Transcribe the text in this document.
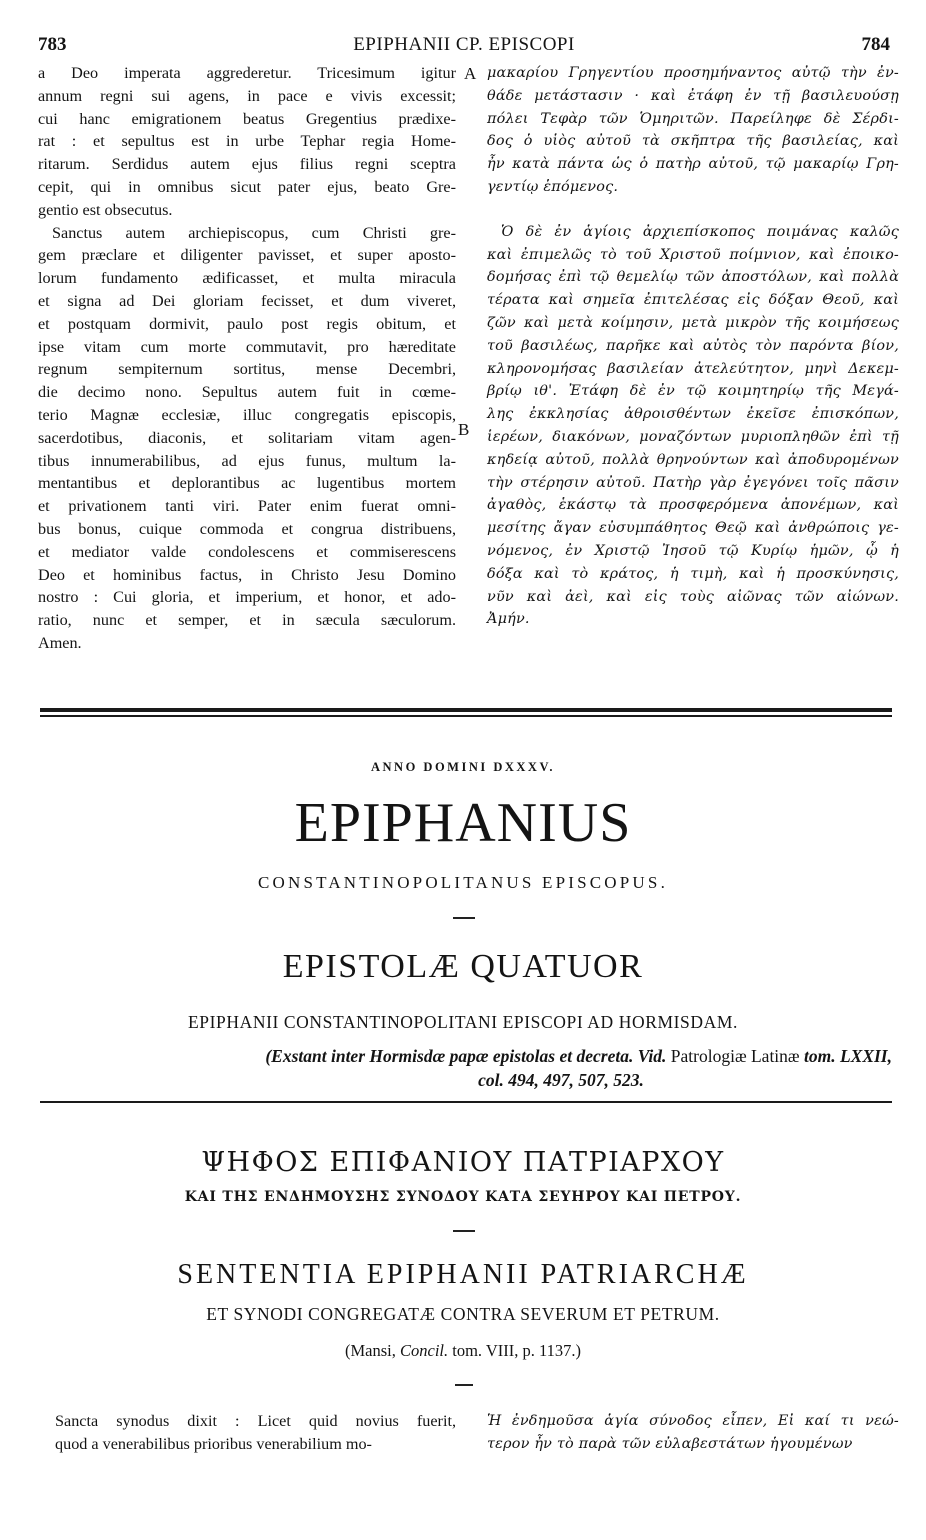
783	EPIPHANII CP. EPISCOPI	784
a Deo imperata aggrederetur. Tricesimum igitur
annum regni sui agens, in pace e vivis excessit;
cui hanc emigrationem beatus Gregentius prædixe-
rat : et sepultus est in urbe Tephar regia Home-
ritarum. Serdidus autem ejus filius regni sceptra
cepit, qui in omnibus sicut pater ejus, beato Gre-
gentio est obsecutus.
Sanctus autem archiepiscopus, cum Christi gre-
gem præclare et diligenter pavisset, et super aposto-
lorum fundamento ædificasset, et multa miracula
et signa ad Dei gloriam fecisset, et dum viveret,
et postquam dormivit, paulo post regis obitum, et
ipse vitam cum morte commutavit, pro hæreditate
regnum sempiternum sortitus, mense Decembri,
die decimo nono. Sepultus autem fuit in cœme-
terio Magnæ ecclesiæ, illuc congregatis episcopis,
sacerdotibus, diaconis, et solitariam vitam agen-
tibus innumerabilibus, ad ejus funus, multum la-
mentantibus et deplorantibus ac lugentibus mortem
et privationem tanti viri. Pater enim fuerat omni-
bus bonus, cuique commoda et congrua distribuens,
et mediator valde condolescens et commiserescens
Deo et hominibus factus, in Christo Jesu Domino
nostro : Cui gloria, et imperium, et honor, et ado-
ratio, nunc et semper, et in sæcula sæculorum.
Amen.
A
B
μακαρίου Γρηγεντίου προσημήναντος αὐτῷ τὴν ἐν-
θάδε μετάστασιν · καὶ ἐτάφη ἐν τῇ βασιλευούσῃ
πόλει Τεφὰρ τῶν Ὁμηριτῶν. Παρείληφε δὲ Σέρδι-
δος ὁ υἱὸς αὐτοῦ τὰ σκῆπτρα τῆς βασιλείας, καὶ
ἦν κατὰ πάντα ὡς ὁ πατὴρ αὐτοῦ, τῷ μακαρίῳ Γρη-
γεντίῳ ἑπόμενος.
Ὁ δὲ ἐν ἁγίοις ἀρχιεπίσκοπος ποιμάνας καλῶς
καὶ ἐπιμελῶς τὸ τοῦ Χριστοῦ ποίμνιον, καὶ ἐποικο-
δομήσας ἐπὶ τῷ θεμελίῳ τῶν ἀποστόλων, καὶ πολλὰ
τέρατα καὶ σημεῖα ἐπιτελέσας εἰς δόξαν Θεοῦ, καὶ
ζῶν καὶ μετὰ κοίμησιν, μετὰ μικρὸν τῆς κοιμήσεως
τοῦ βασιλέως, παρῆκε καὶ αὐτὸς τὸν παρόντα βίον,
κληρονομήσας βασιλείαν ἀτελεύτητον, μηνὶ Δεκεμ-
βρίῳ ιθ'. Ἐτάφη δὲ ἐν τῷ κοιμητηρίῳ τῆς Μεγά-
λης ἐκκλησίας ἀθροισθέντων ἐκεῖσε ἐπισκόπων,
ἱερέων, διακόνων, μοναζόντων μυριοπληθῶν ἐπὶ τῇ
κηδείᾳ αὐτοῦ, πολλὰ θρηνούντων καὶ ἀποδυρομένων
τὴν στέρησιν αὐτοῦ. Πατὴρ γὰρ ἐγεγόνει τοῖς πᾶσιν
ἀγαθὸς, ἑκάστῳ τὰ προσφερόμενα ἀπονέμων, καὶ
μεσίτης ἄγαν εὐσυμπάθητος Θεῷ καὶ ἀνθρώποις γε-
νόμενος, ἐν Χριστῷ Ἰησοῦ τῷ Κυρίῳ ἡμῶν, ᾧ ἡ
δόξα καὶ τὸ κράτος, ἡ τιμὴ, καὶ ἡ προσκύνησις,
νῦν καὶ ἀεὶ, καὶ εἰς τοὺς αἰῶνας τῶν αἰώνων.
Ἀμήν.
ANNO DOMINI DXXXV.
EPIPHANIUS
CONSTANTINOPOLITANUS EPISCOPUS.
EPISTOLÆ QUATUOR
EPIPHANII CONSTANTINOPOLITANI EPISCOPI AD HORMISDAM.
(Exstant inter Hormisdæ papæ epistolas et decreta. Vid. Patrologiæ Latinæ tom. LXXII,
col. 494, 497, 507, 523.
ΨΗΦΟΣ ΕΠΙΦΑΝΙΟΥ ΠΑΤΡΙΑΡΧΟΥ
ΚΑΙ ΤΗΣ ΕΝΔΗΜΟΥΣΗΣ ΣΥΝΟΔΟΥ ΚΑΤΑ ΣΕΥΗΡΟΥ ΚΑΙ ΠΕΤΡΟΥ.
SENTENTIA EPIPHANII PATRIARCHÆ
ET SYNODI CONGREGATÆ CONTRA SEVERUM ET PETRUM.
(Mansi, Concil. tom. VIII, p. 1137.)
Sancta synodus dixit : Licet quid novius fuerit,
quod a venerabilibus prioribus venerabilium mo-
Ἡ ἐνδημοῦσα ἁγία σύνοδος εἶπεν, Εἰ καί τι νεώ-
τερον ἦν τὸ παρὰ τῶν εὐλαβεστάτων ἡγουμένων
